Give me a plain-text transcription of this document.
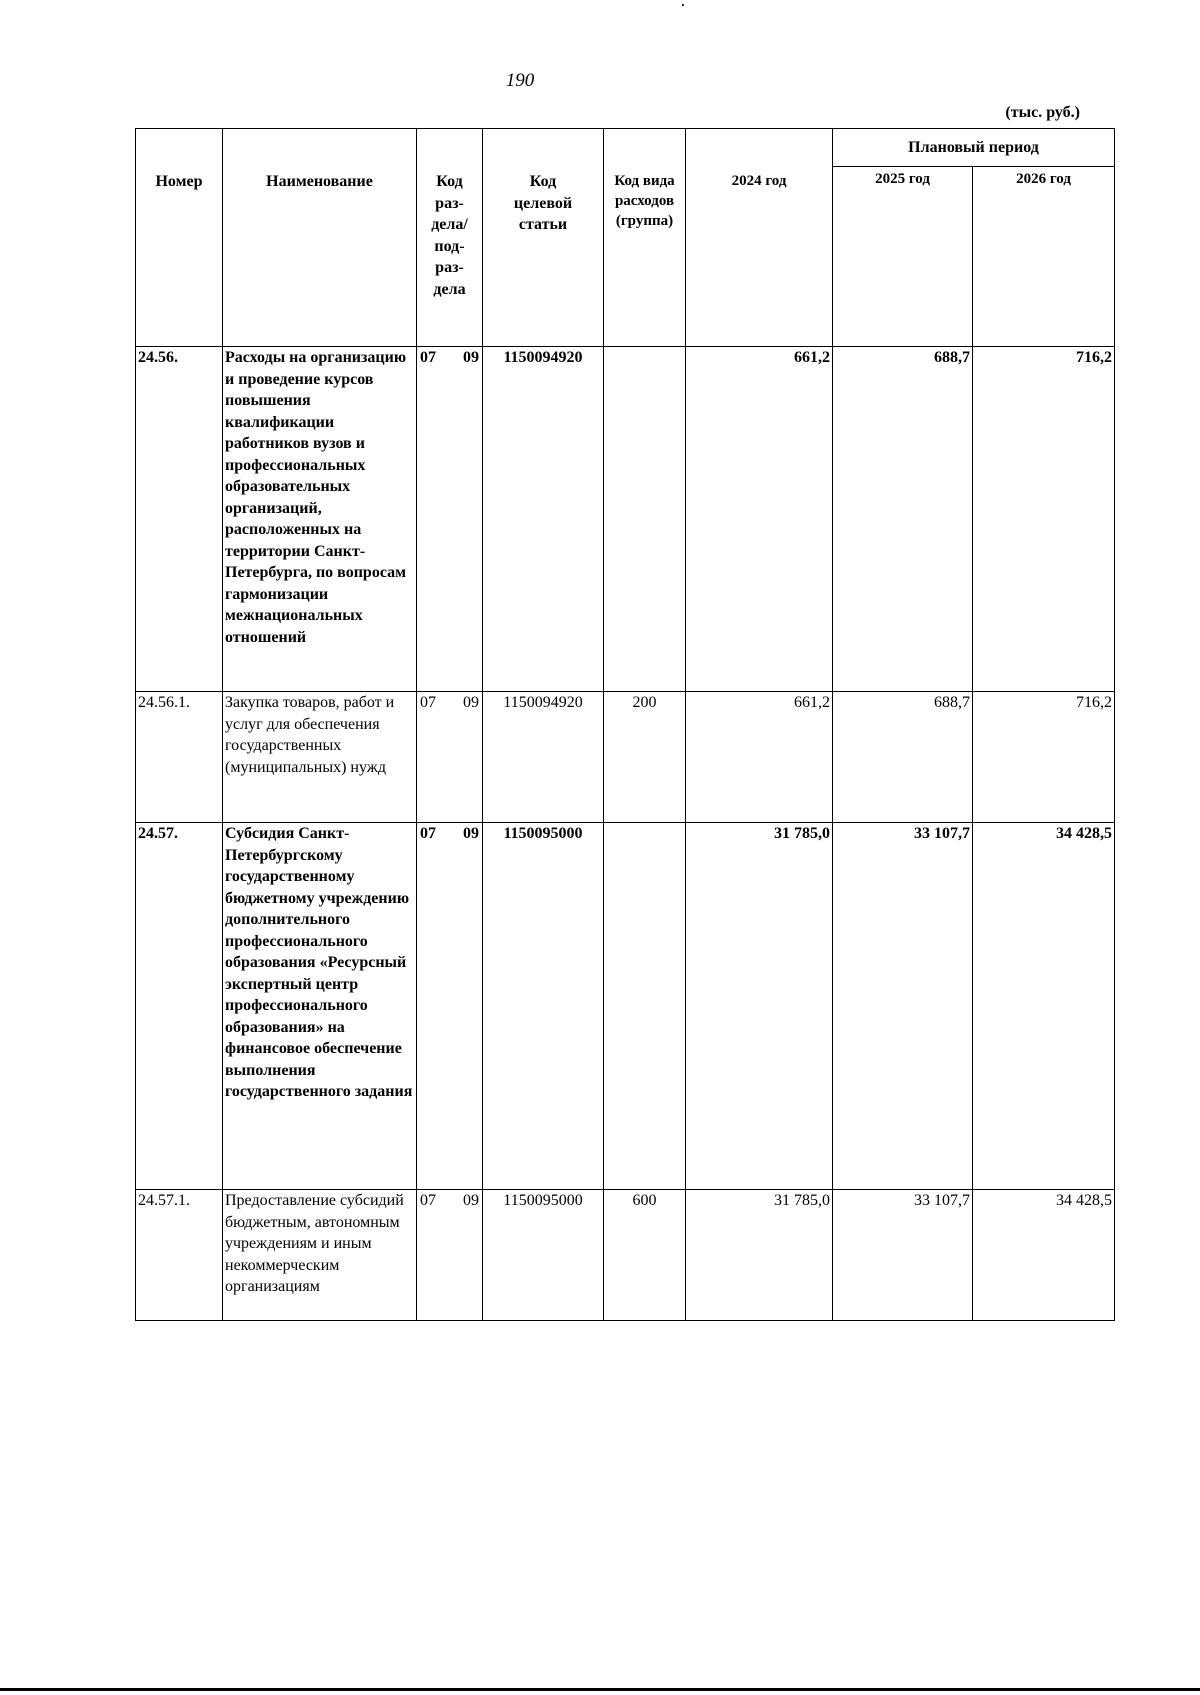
190
(тыс. руб.)
Номер	Наименование	Код раз-дела/ под-раз-дела	Код целевой статьи	Код вида расходов (группа)	2024 год	Плановый период	
						2025 год	2026 год
24.56.	Расходы на организацию и проведение курсов повышения квалификации работников вузов и профессиональных образовательных организаций, расположенных на территории Санкт-Петербурга, по вопросам гармонизации межнациональных отношений	07 09	1150094920		661,2	688,7	716,2
24.56.1.	Закупка товаров, работ и услуг для обеспечения государственных (муниципальных) нужд	07 09	1150094920	200	661,2	688,7	716,2
24.57.	Субсидия Санкт-Петербургскому государственному бюджетному учреждению дополнительного профессионального образования «Ресурсный экспертный центр профессионального образования» на финансовое обеспечение выполнения государственного задания	07 09	1150095000		31 785,0	33 107,7	34 428,5
24.57.1.	Предоставление субсидий бюджетным, автономным учреждениям и иным некоммерческим организациям	07 09	1150095000	600	31 785,0	33 107,7	34 428,5
